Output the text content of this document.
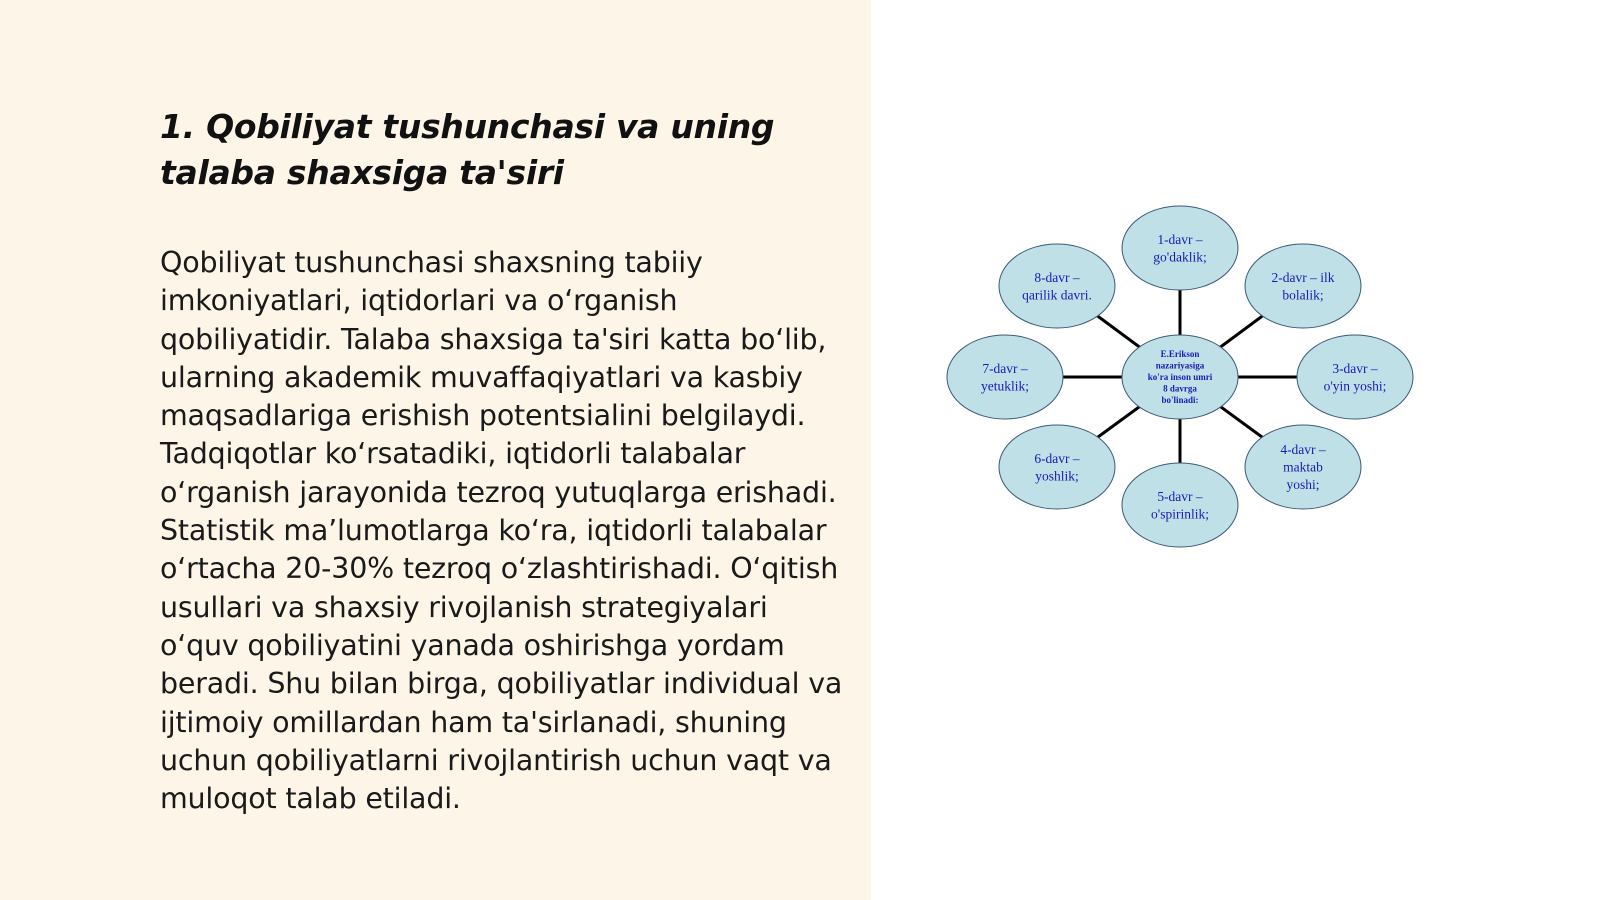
1. Qobiliyat tushunchasi va uning talaba shaxsiga ta'siri

Qobiliyat tushunchasi shaxsning tabiiy imkoniyatlari, iqtidorlari va o‘rganish qobiliyatidir. Talaba shaxsiga ta'siri katta bo‘lib, ularning akademik muvaffaqiyatlari va kasbiy maqsadlariga erishish potentsialini belgilaydi. Tadqiqotlar ko‘rsatadiki, iqtidorli talabalar o‘rganish jarayonida tezroq yutuqlarga erishadi. Statistik ma’lumotlarga ko‘ra, iqtidorli talabalar o‘rtacha 20-30% tezroq o‘zlashtirishadi. O‘qitish usullari va shaxsiy rivojlanish strategiyalari o‘quv qobiliyatini yanada oshirishga yordam beradi. Shu bilan birga, qobiliyatlar individual va ijtimoiy omillardan ham ta'sirlanadi, shuning uchun qobiliyatlarni rivojlantirish uchun vaqt va muloqot talab etiladi.

E.Erikson nazariyasiga ko'ra inson umri 8 davrga bo'linadi:
1-davr – go'daklik;
2-davr – ilk bolalik;
3-davr – o'yin yoshi;
4-davr – maktab yoshi;
5-davr – o'spirinlik;
6-davr – yoshlik;
7-davr – yetuklik;
8-davr – qarilik davri.
